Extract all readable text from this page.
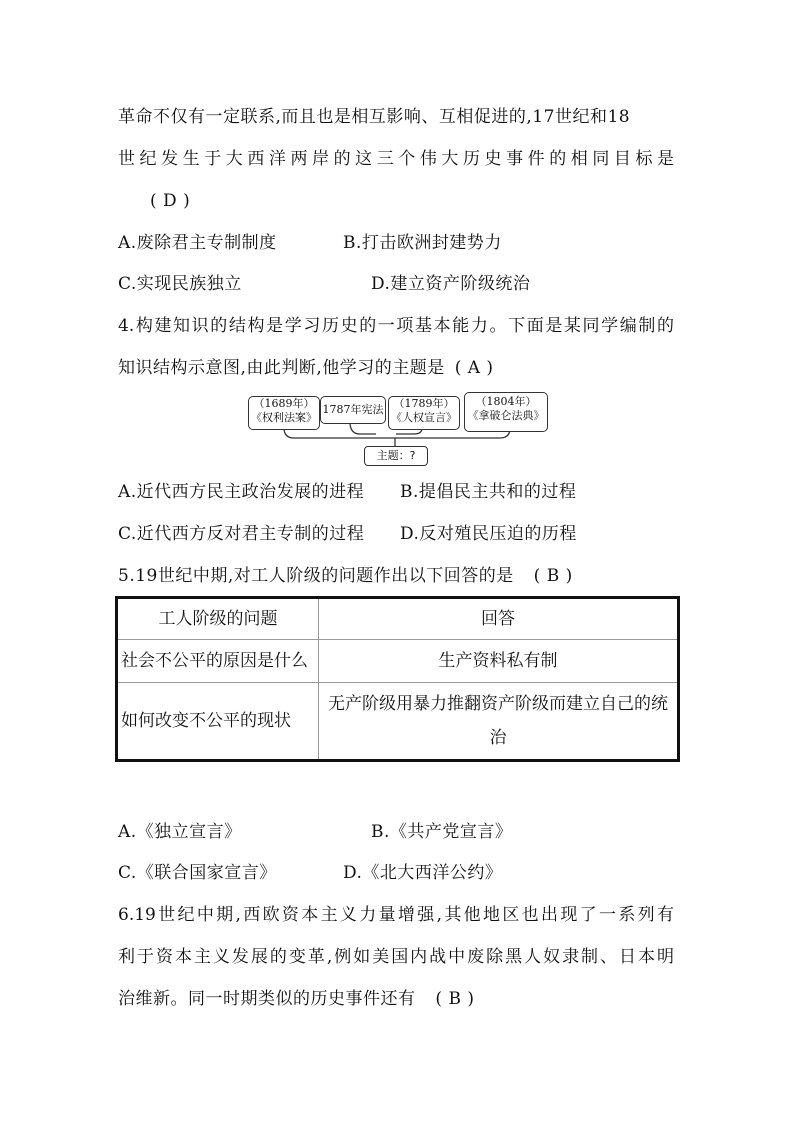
革命不仅有一定联系,而且也是相互影响、互相促进的,17世纪和18
世纪发生于大西洋两岸的这三个伟大历史事件的相同目标是
( D )
A.废除君主专制制度	B.打击欧洲封建势力
C.实现民族独立	D.建立资产阶级统治
4.构建知识的结构是学习历史的一项基本能力。下面是某同学编制的
知识结构示意图,由此判断,他学习的主题是 ( A )
（1689年）
《权利法案》
1787年宪法 （1789年）
《人权宣言》
（1804年）
《拿破仑法典》
主题：?
A.近代西方民主政治发展的进程 B.提倡民主共和的过程
C.近代西方反对君主专制的过程 D.反对殖民压迫的历程
5.19世纪中期,对工人阶级的问题作出以下回答的是 ( B )
工人阶级的问题	回答
社会不公平的原因是什么	生产资料私有制
如何改变不公平的现状	无产阶级用暴力推翻资产阶级而建立自己的统治
A.《独立宣言》	B.《共产党宣言》
C.《联合国家宣言》	D.《北大西洋公约》
6.19世纪中期,西欧资本主义力量增强,其他地区也出现了一系列有
利于资本主义发展的变革,例如美国内战中废除黑人奴隶制、日本明
治维新。同一时期类似的历史事件还有 ( B )
